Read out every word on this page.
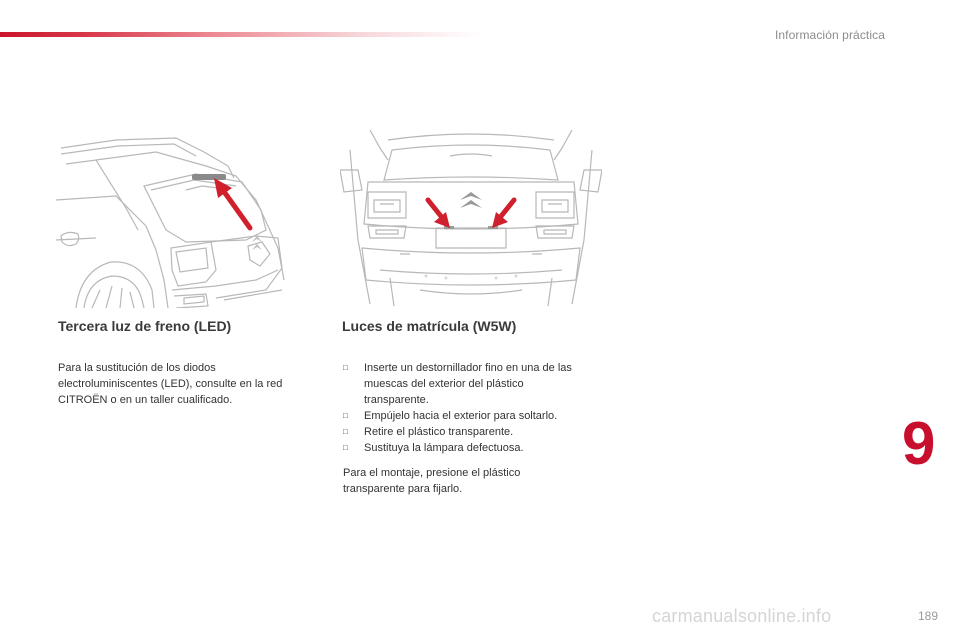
Información práctica
Tercera luz de freno (LED)
Para la sustitución de los diodos electroluminiscentes (LED), consulte en la red CITROËN o en un taller cualificado.
Luces de matrícula (W5W)
□	Inserte un destornillador fino en una de las muescas del exterior del plástico transparente.
□	Empújelo hacia el exterior para soltarlo.
□	Retire el plástico transparente.
□	Sustituya la lámpara defectuosa.
Para el montaje, presione el plástico transparente para fijarlo.
9
carmanualsonline.info	189
